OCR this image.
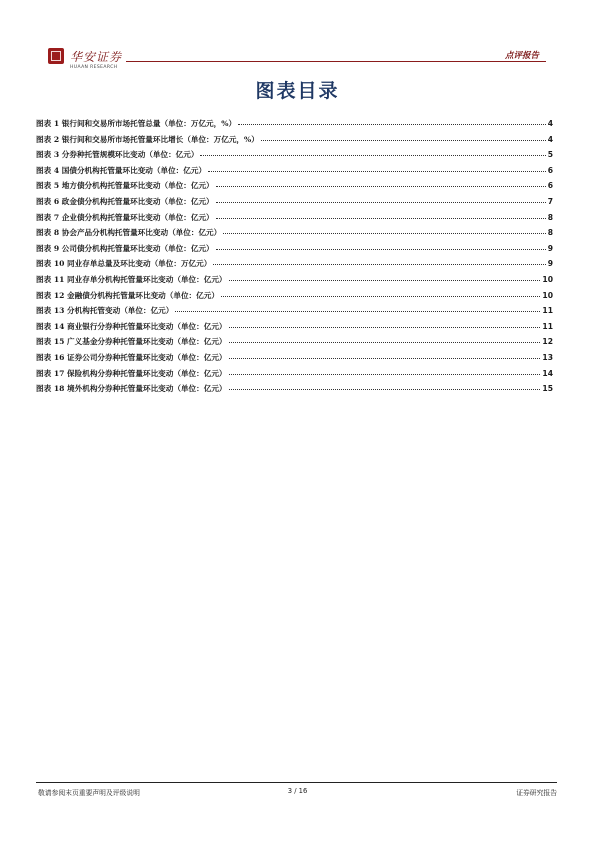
华安证券
HUAAN RESEARCH
点评报告
图表目录
图表 1 银行间和交易所市场托管总量（单位：万亿元，%）	4
图表 2 银行间和交易所市场托管量环比增长（单位：万亿元，%）	4
图表 3 分券种托管规模环比变动（单位：亿元）	5
图表 4 国债分机构托管量环比变动（单位：亿元）	6
图表 5 地方债分机构托管量环比变动（单位：亿元）	6
图表 6 政金债分机构托管量环比变动（单位：亿元）	7
图表 7 企业债分机构托管量环比变动（单位：亿元）	8
图表 8 协会产品分机构托管量环比变动（单位：亿元）	8
图表 9 公司债分机构托管量环比变动（单位：亿元）	9
图表 10 同业存单总量及环比变动（单位：万亿元）	9
图表 11 同业存单分机构托管量环比变动（单位：亿元）	10
图表 12 金融债分机构托管量环比变动（单位：亿元）	10
图表 13 分机构托管变动（单位：亿元）	11
图表 14 商业银行分券种托管量环比变动（单位：亿元）	11
图表 15 广义基金分券种托管量环比变动（单位：亿元）	12
图表 16 证券公司分券种托管量环比变动（单位：亿元）	13
图表 17 保险机构分券种托管量环比变动（单位：亿元）	14
图表 18 境外机构分券种托管量环比变动（单位：亿元）	15
敬请参阅末页重要声明及评级说明	3 / 16	证券研究报告
